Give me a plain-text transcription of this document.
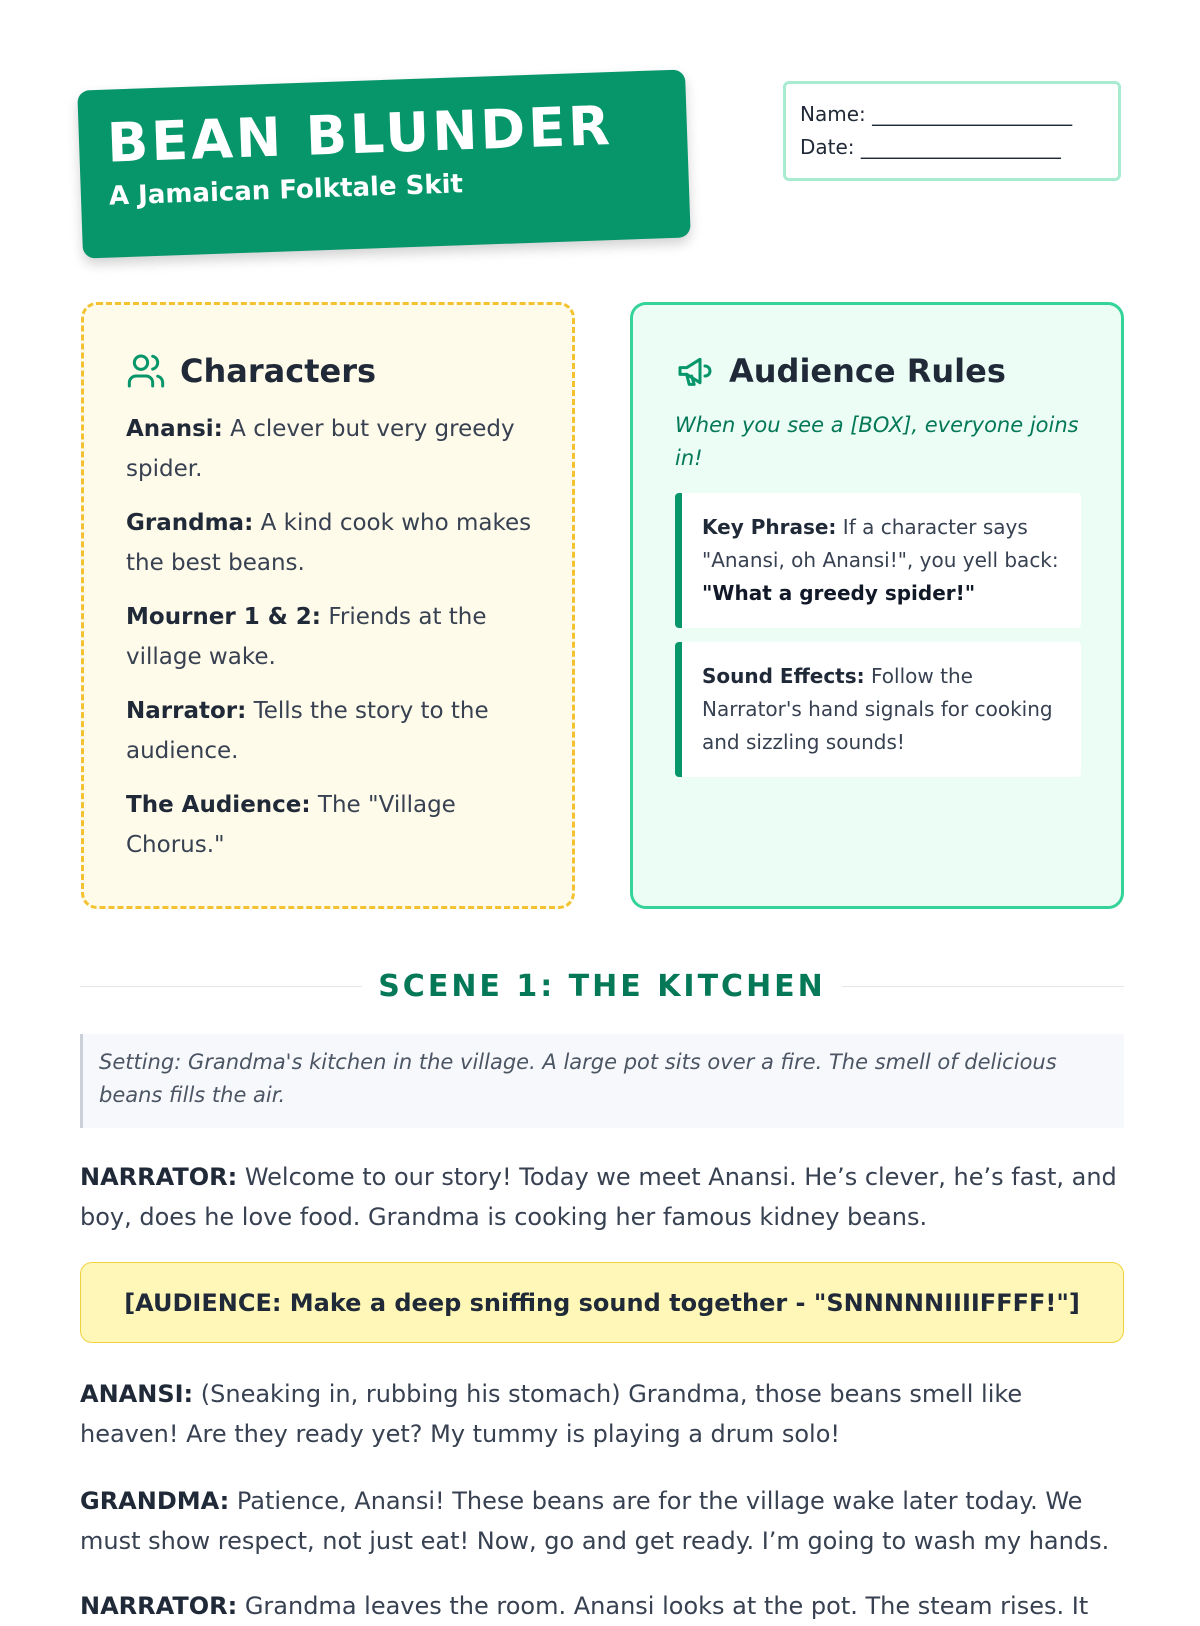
BEAN BLUNDER
A Jamaican Folktale Skit
Name: ____________________
Date: ____________________
Characters
Anansi: A clever but very greedy spider.
Grandma: A kind cook who makes the best beans.
Mourner 1 & 2: Friends at the village wake.
Narrator: Tells the story to the audience.
The Audience: The "Village Chorus."
Audience Rules
When you see a [BOX], everyone joins in!
Key Phrase: If a character says "Anansi, oh Anansi!", you yell back: "What a greedy spider!"
Sound Effects: Follow the Narrator's hand signals for cooking and sizzling sounds!
SCENE 1: THE KITCHEN
Setting: Grandma's kitchen in the village. A large pot sits over a fire. The smell of delicious beans fills the air.
NARRATOR: Welcome to our story! Today we meet Anansi. He’s clever, he’s fast, and boy, does he love food. Grandma is cooking her famous kidney beans.
[AUDIENCE: Make a deep sniffing sound together - "SNNNNNIIIIFFFF!"]
ANANSI: (Sneaking in, rubbing his stomach) Grandma, those beans smell like heaven! Are they ready yet? My tummy is playing a drum solo!
GRANDMA: Patience, Anansi! These beans are for the village wake later today. We must show respect, not just eat! Now, go and get ready. I’m going to wash my hands.
NARRATOR: Grandma leaves the room. Anansi looks at the pot. The steam rises. It
